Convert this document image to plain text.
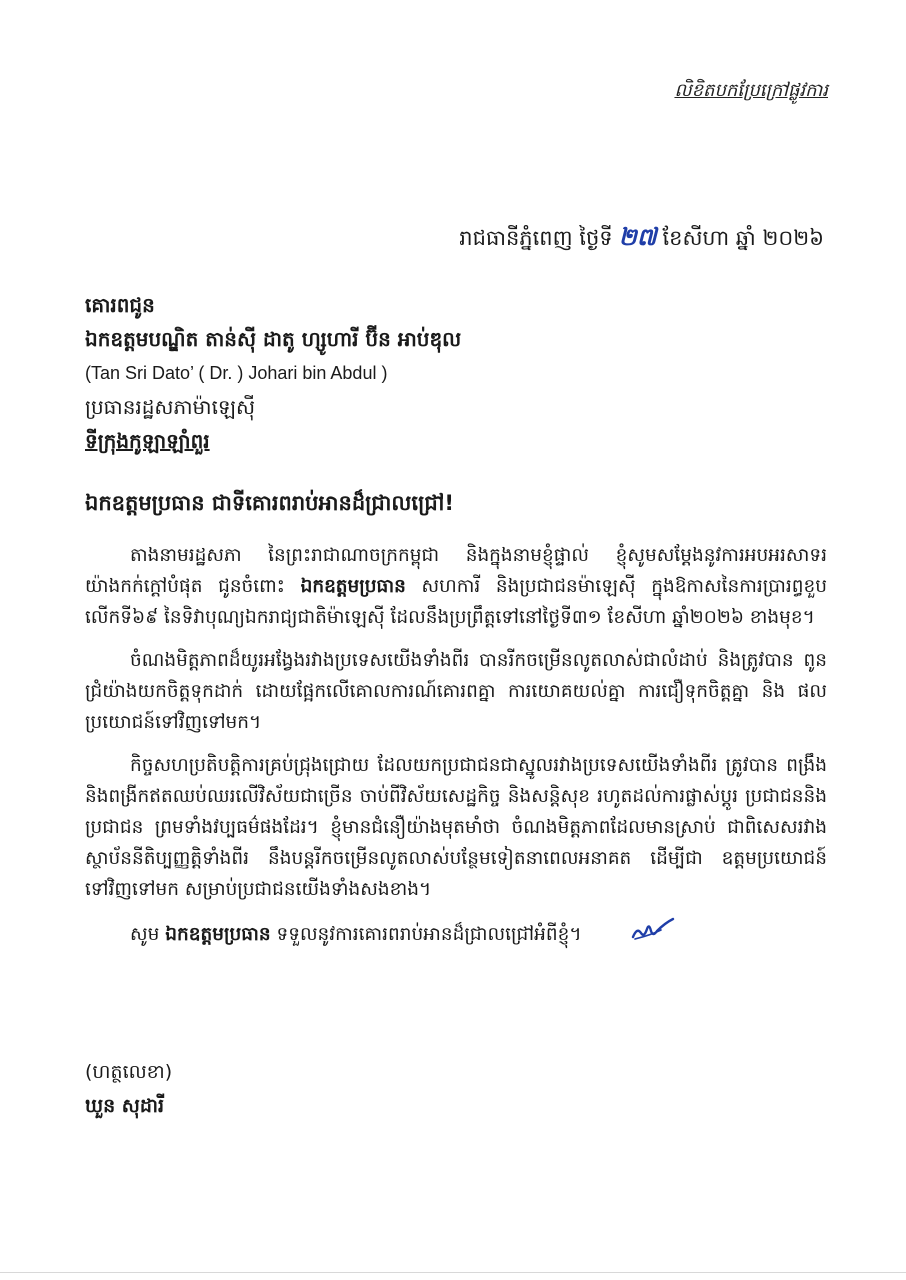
លិខិតបកប្រែក្រៅផ្លូវការ
រាជធានីភ្នំពេញ ថ្ងៃទី ២៧ ខែសីហា ឆ្នាំ ២០២៦
គោរពជូន
ឯកឧត្តមបណ្ឌិត តាន់ស៊ី ដាតូ ហ្សូហារី ប៊ីន អាប់ឌុល
(Tan Sri Dato’ ( Dr. ) Johari bin Abdul )
ប្រធានរដ្ឋសភាម៉ាឡេស៊ី
ទីក្រុងកូឡាឡាំពួរ
ឯកឧត្តមប្រធាន ជាទីគោរពរាប់អានដ៏ជ្រាលជ្រៅ!

តាងនាមរដ្ឋសភា នៃព្រះរាជាណាចក្រកម្ពុជា និងក្នុងនាមខ្ញុំផ្ទាល់ ខ្ញុំសូមសម្តែងនូវការអបអរសាទរ យ៉ាងកក់ក្តៅបំផុត ជូនចំពោះ ឯកឧត្តមប្រធាន សហការី និងប្រជាជនម៉ាឡេស៊ី ក្នុងឱកាសនៃការប្រារព្ធខួប លើកទី៦៩ នៃទិវាបុណ្យឯករាជ្យជាតិម៉ាឡេស៊ី ដែលនឹងប្រព្រឹត្តទៅនៅថ្ងៃទី៣១ ខែសីហា ឆ្នាំ២០២៦ ខាងមុខ។

ចំណងមិត្តភាពដ៏យូរអង្វែងរវាងប្រទេសយើងទាំងពីរ បានរីកចម្រើនលូតលាស់ជាលំដាប់ និងត្រូវបាន ពូនជ្រំយ៉ាងយកចិត្តទុកដាក់ ដោយផ្អែកលើគោលការណ៍គោរពគ្នា ការយោគយល់គ្នា ការជឿទុកចិត្តគ្នា និង ផលប្រយោជន៍ទៅវិញទៅមក។

កិច្ចសហប្រតិបត្តិការគ្រប់ជ្រុងជ្រោយ ដែលយកប្រជាជនជាស្នូលរវាងប្រទេសយើងទាំងពីរ ត្រូវបាន ពង្រឹង និងពង្រីកឥតឈប់ឈរលើវិស័យជាច្រើន ចាប់ពីវិស័យសេដ្ឋកិច្ច និងសន្តិសុខ រហូតដល់ការផ្លាស់ប្តូរ ប្រជាជននិងប្រជាជន ព្រមទាំងវប្បធម៌ផងដែរ។ ខ្ញុំមានជំនឿយ៉ាងមុតមាំថា ចំណងមិត្តភាពដែលមានស្រាប់ ជាពិសេសរវាងស្ថាប័ននីតិប្បញ្ញត្តិទាំងពីរ នឹងបន្តរីកចម្រើនលូតលាស់បន្ថែមទៀតនាពេលអនាគត ដើម្បីជា ឧត្តមប្រយោជន៍ទៅវិញទៅមក សម្រាប់ប្រជាជនយើងទាំងសងខាង។

សូម ឯកឧត្តមប្រធាន ទទួលនូវការគោរពរាប់អានដ៏ជ្រាលជ្រៅអំពីខ្ញុំ។

(ហត្ថលេខា)
ឃួន សុដារី
